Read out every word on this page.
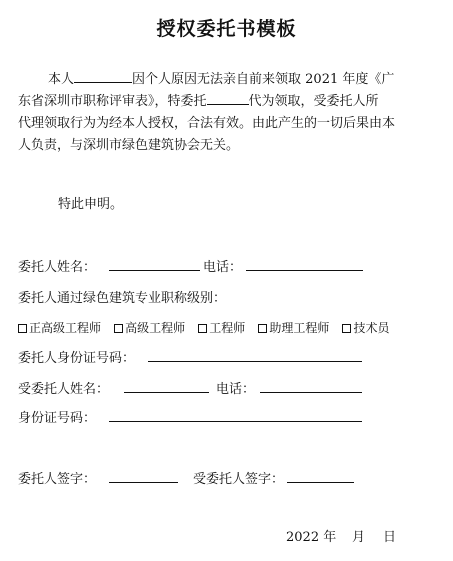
授权委托书模板
本人	因个人原因无法亲自前来领取 2021 年度《广
东省深圳市职称评审表》，特委托	代为领取，受委托人所
代理领取行为为经本人授权，合法有效。由此产生的一切后果由本
人负责，与深圳市绿色建筑协会无关。
特此申明。
委托人姓名：	电话：
委托人通过绿色建筑专业职称级别：
正高级工程师 高级工程师 工程师 助理工程师 技术员
委托人身份证号码：
受委托人姓名：	电话：
身份证号码：
委托人签字：	受委托人签字：
2022 年 月 日
